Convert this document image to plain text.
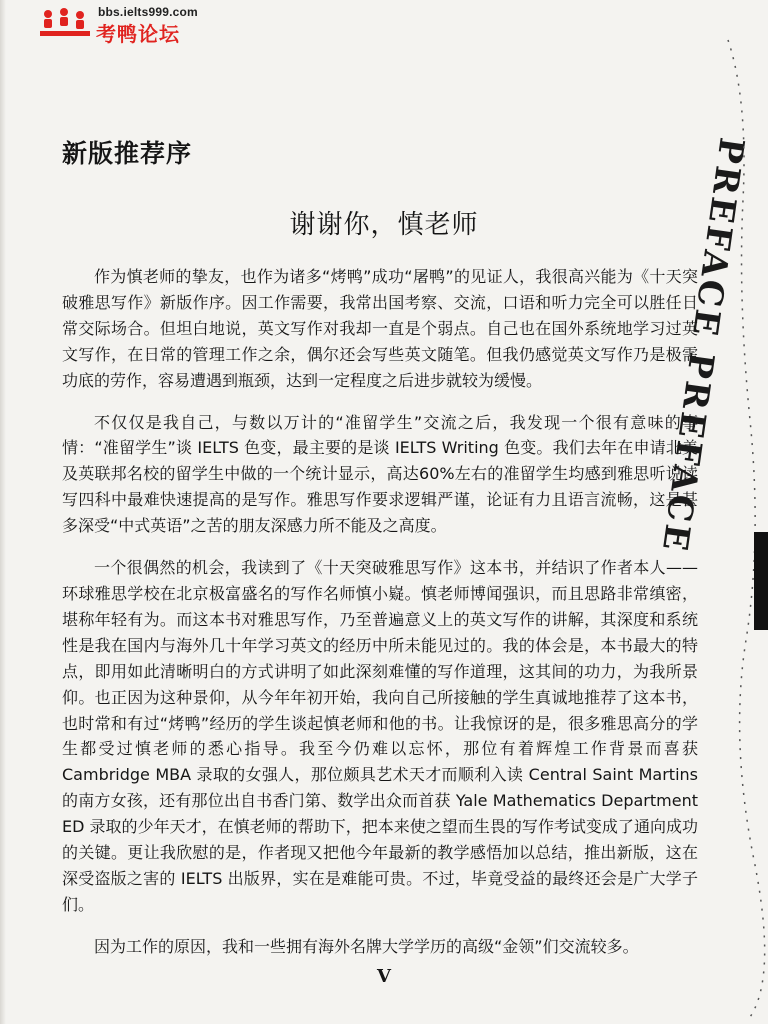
bbs.ielts999.com
考鸭论坛
新版推荐序
谢谢你，慎老师

作为慎老师的挚友，也作为诸多“烤鸭”成功“屠鸭”的见证人，我很高兴能为《十天突破雅思写作》新版作序。因工作需要，我常出国考察、交流，口语和听力完全可以胜任日常交际场合。但坦白地说，英文写作对我却一直是个弱点。自己也在国外系统地学习过英文写作，在日常的管理工作之余，偶尔还会写些英文随笔。但我仍感觉英文写作乃是极需功底的劳作，容易遭遇到瓶颈，达到一定程度之后进步就较为缓慢。

不仅仅是我自己，与数以万计的“准留学生”交流之后，我发现一个很有意味的事情：“准留学生”谈 IELTS 色变，最主要的是谈 IELTS Writing 色变。我们去年在申请北美及英联邦名校的留学生中做的一个统计显示，高达60%左右的准留学生均感到雅思听说读写四科中最难快速提高的是写作。雅思写作要求逻辑严谨，论证有力且语言流畅，这是甚多深受“中式英语”之苦的朋友深感力所不能及之高度。

一个很偶然的机会，我读到了《十天突破雅思写作》这本书，并结识了作者本人——环球雅思学校在北京极富盛名的写作名师慎小嶷。慎老师博闻强识，而且思路非常缜密，堪称年轻有为。而这本书对雅思写作，乃至普遍意义上的英文写作的讲解，其深度和系统性是我在国内与海外几十年学习英文的经历中所未能见过的。我的体会是，本书最大的特点，即用如此清晰明白的方式讲明了如此深刻难懂的写作道理，这其间的功力，为我所景仰。也正因为这种景仰，从今年年初开始，我向自己所接触的学生真诚地推荐了这本书，也时常和有过“烤鸭”经历的学生谈起慎老师和他的书。让我惊讶的是，很多雅思高分的学生都受过慎老师的悉心指导。我至今仍难以忘怀，那位有着辉煌工作背景而喜获 Cambridge MBA 录取的女强人，那位颇具艺术天才而顺利入读 Central Saint Martins 的南方女孩，还有那位出自书香门第、数学出众而首获 Yale Mathematics Department ED 录取的少年天才，在慎老师的帮助下，把本来使之望而生畏的写作考试变成了通向成功的关键。更让我欣慰的是，作者现又把他今年最新的教学感悟加以总结，推出新版，这在深受盗版之害的 IELTS 出版界，实在是难能可贵。不过，毕竟受益的最终还会是广大学子们。

因为工作的原因，我和一些拥有海外名牌大学学历的高级“金领”们交流较多。

V
PREFACE PREFACE
